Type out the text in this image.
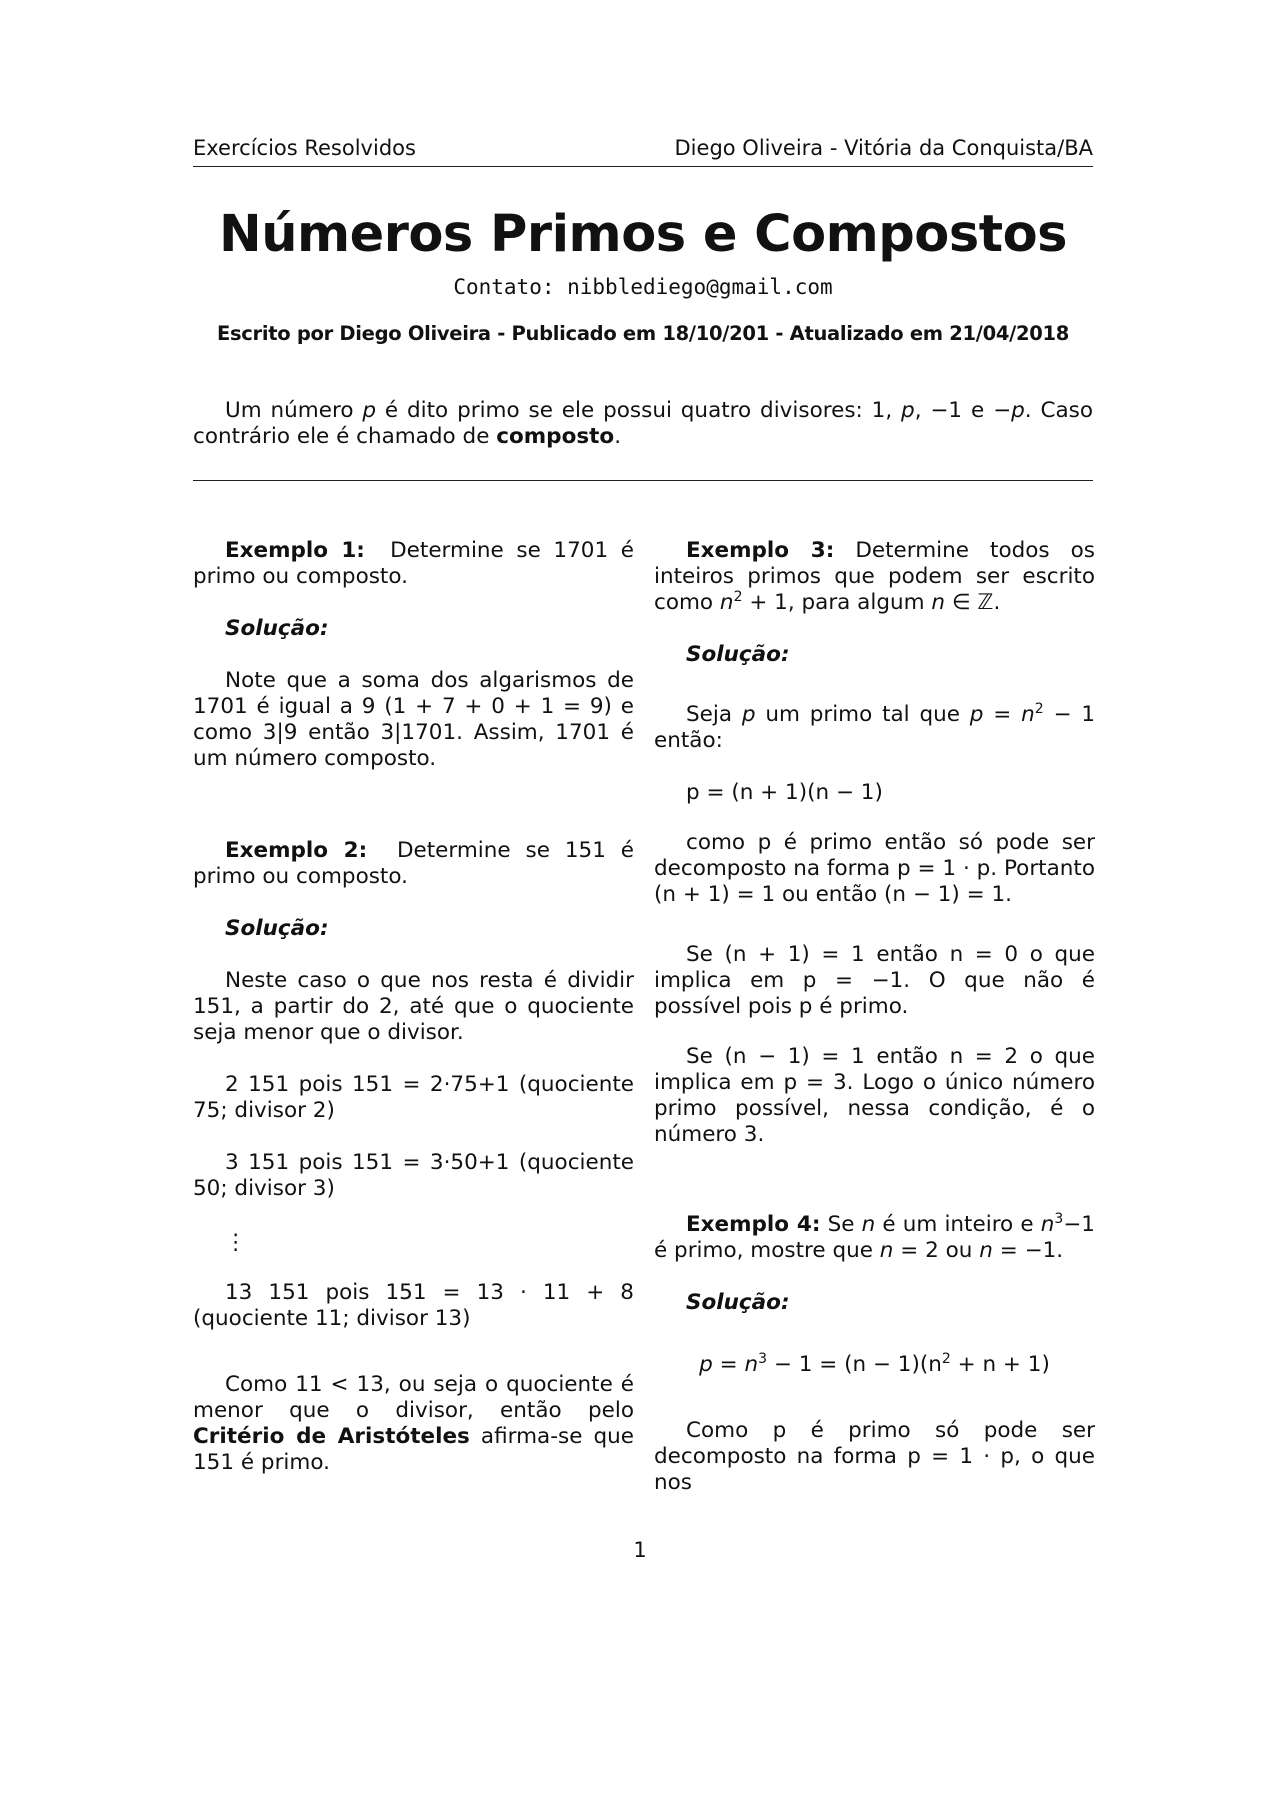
Exercícios Resolvidos	Diego Oliveira - Vitória da Conquista/BA
Números Primos e Compostos
Contato: nibblediego@gmail.com
Escrito por Diego Oliveira - Publicado em 18/10/201 - Atualizado em 21/04/2018

Um número p é dito primo se ele possui quatro divisores: 1, p, −1 e −p. Caso contrário ele é chamado de composto.

Exemplo 1: Determine se 1701 é primo ou composto.

Solução:

Note que a soma dos algarismos de 1701 é igual a 9 (1 + 7 + 0 + 1 = 9) e como 3|9 então 3|1701. Assim, 1701 é um número composto.

Exemplo 2: Determine se 151 é primo ou composto.

Solução:

Neste caso o que nos resta é dividir 151, a partir do 2, até que o quociente seja menor que o divisor.

2 151 pois 151 = 2·75+1 (quociente 75; divisor 2)

3 151 pois 151 = 3·50+1 (quociente 50; divisor 3)

⋮

13 151 pois 151 = 13 · 11 + 8 (quociente 11; divisor 13)

Como 11 < 13, ou seja o quociente é menor que o divisor, então pelo Critério de Aristóteles afirma-se que 151 é primo.

Exemplo 3: Determine todos os inteiros primos que podem ser escrito como $n^2 + 1$, para algum n ∈ ℤ.

Solução:

Seja p um primo tal que $p = n^2 - 1$ então:

p = (n + 1)(n − 1)

como p é primo então só pode ser decomposto na forma p = 1 · p. Portanto (n + 1) = 1 ou então (n − 1) = 1.

Se (n + 1) = 1 então n = 0 o que implica em p = −1. O que não é possível pois p é primo.

Se (n − 1) = 1 então n = 2 o que implica em p = 3. Logo o único número primo possível, nessa condição, é o número 3.

Exemplo 4: Se n é um inteiro e $n^3-1$ é primo, mostre que n = 2 ou n = −1.

Solução:

$p = n^3 - 1 = (n - 1)(n^2 + n + 1)$

Como p é primo só pode ser decomposto na forma p = 1 · p, o que nos

1
